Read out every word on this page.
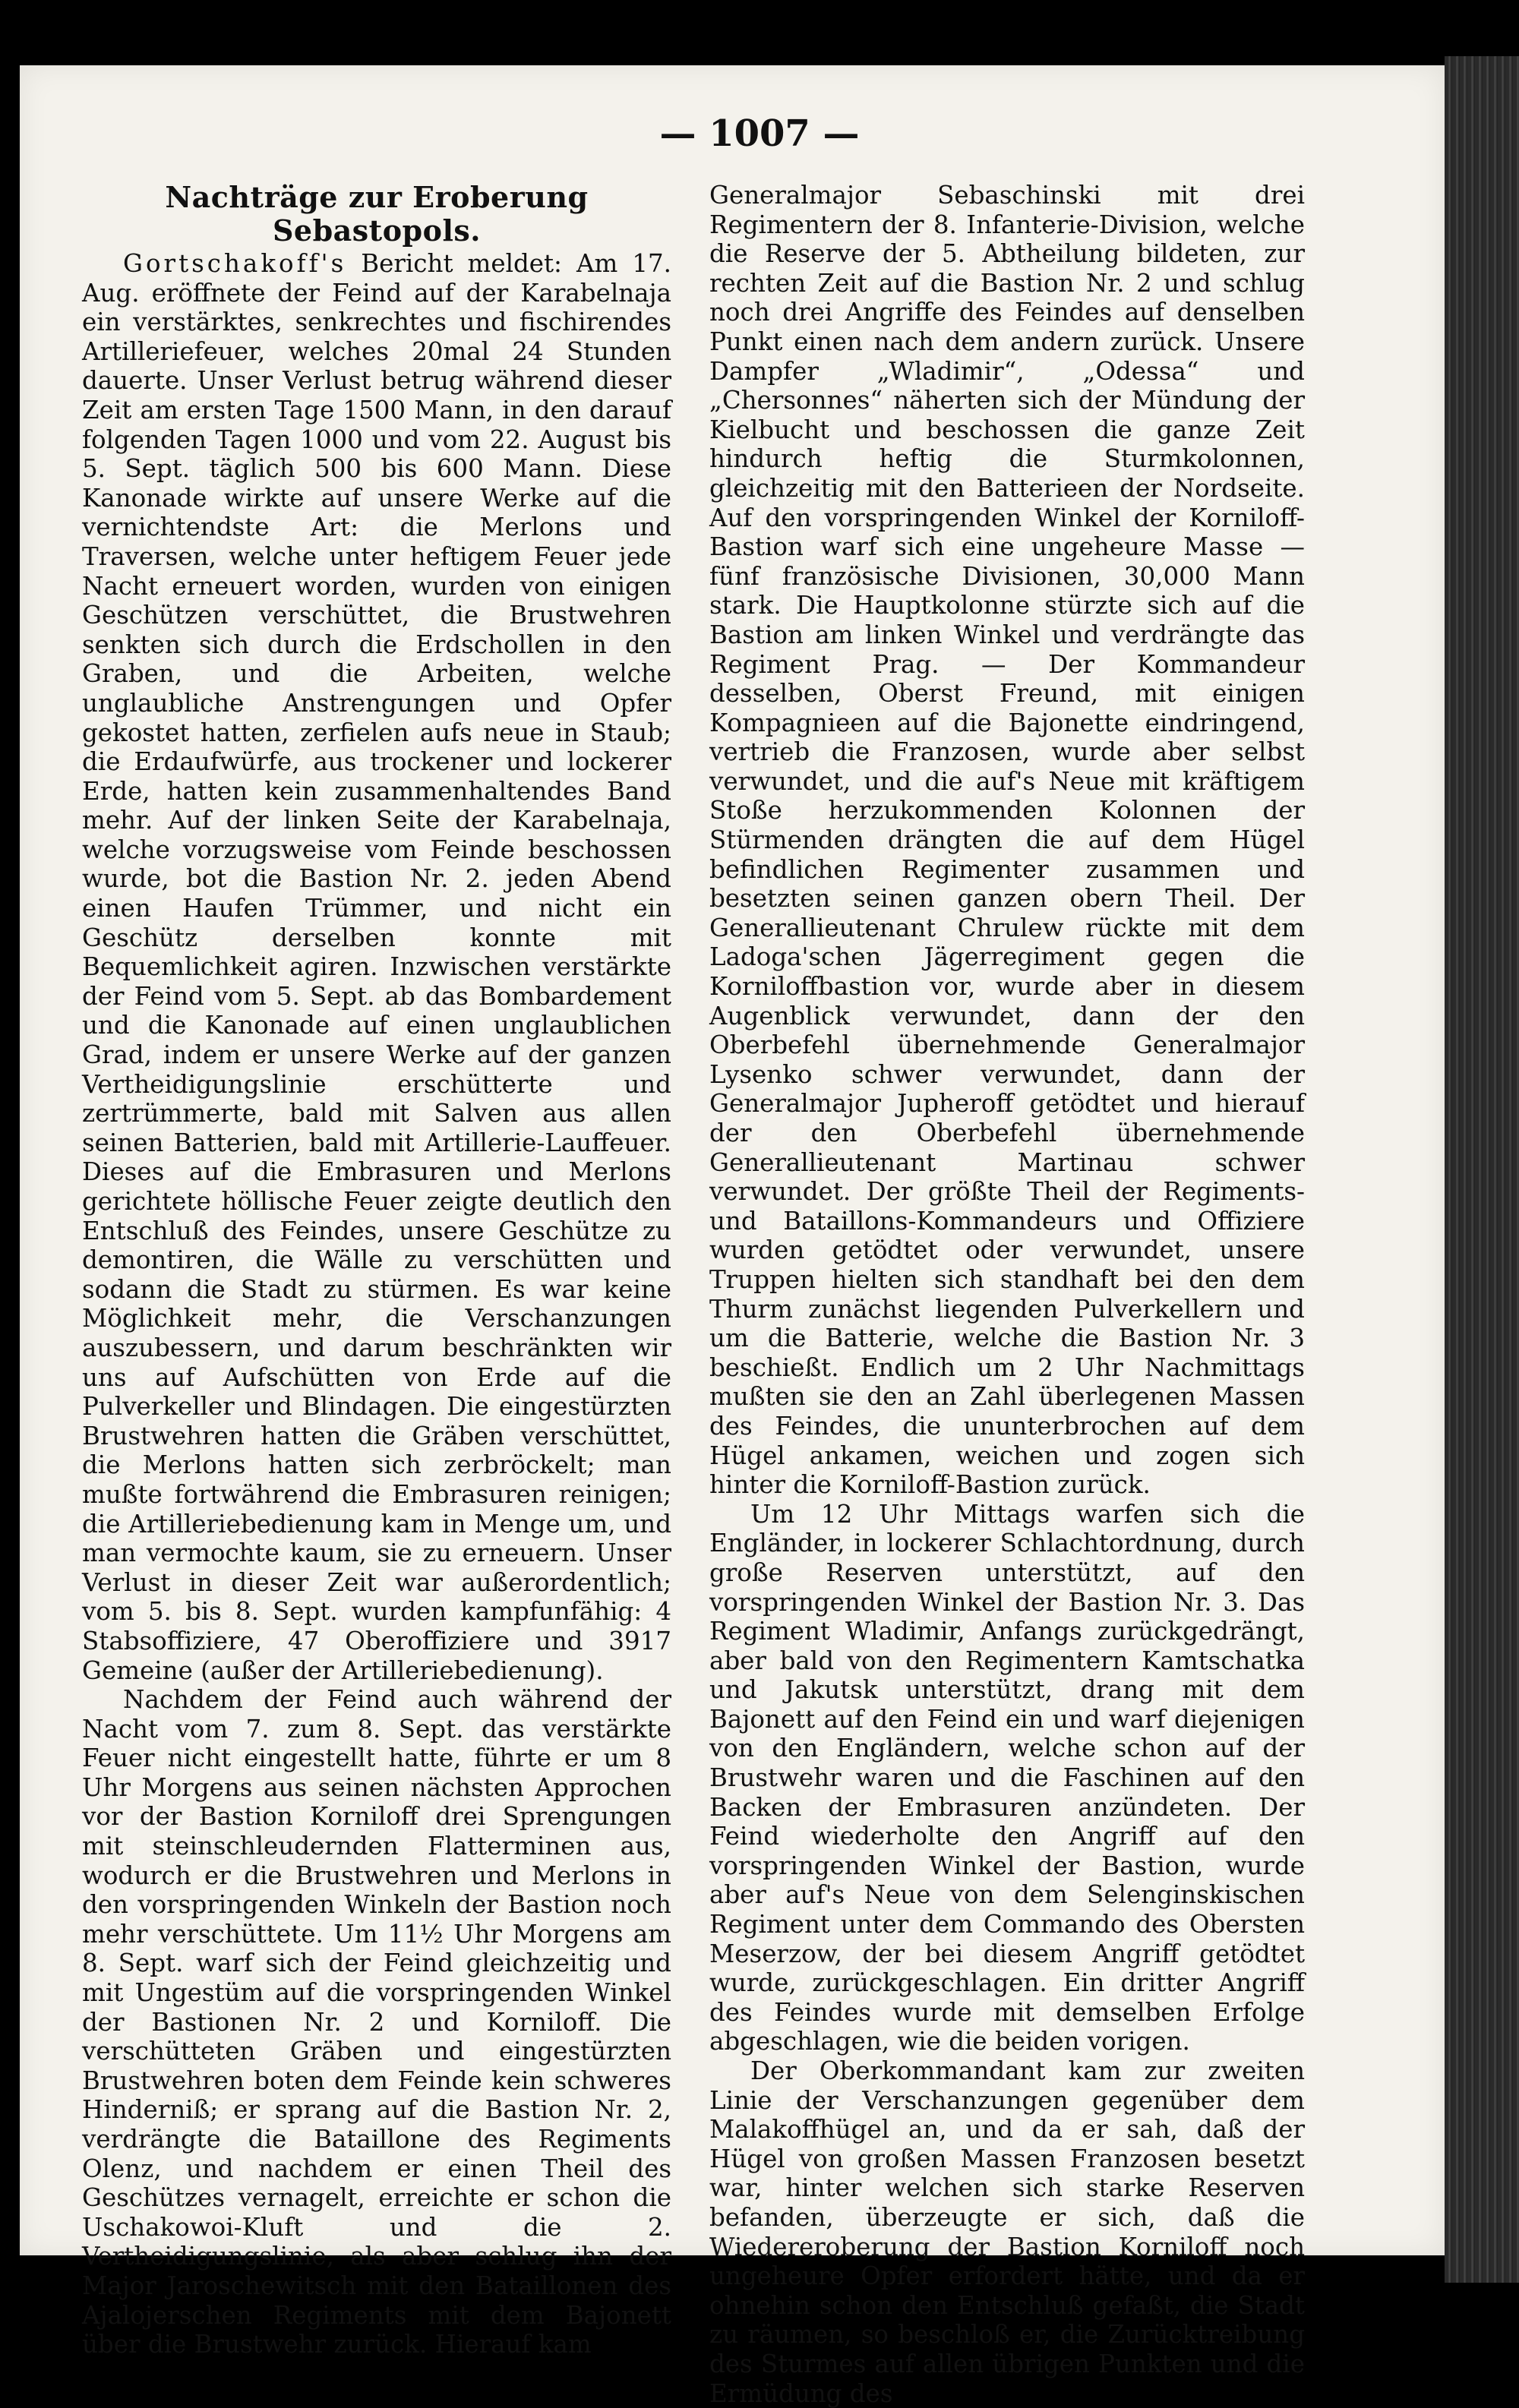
— 1007 —
Nachträge zur Eroberung Sebastopols.

Gortschakoff's Bericht meldet: Am 17. Aug. eröffnete der Feind auf der Karabelnaja ein verstärktes, senkrechtes und fischirendes Artilleriefeuer, welches 20mal 24 Stunden dauerte. Unser Verlust betrug während dieser Zeit am ersten Tage 1500 Mann, in den darauf folgenden Tagen 1000 und vom 22. August bis 5. Sept. täglich 500 bis 600 Mann. Diese Kanonade wirkte auf unsere Werke auf die vernichtendste Art: die Merlons und Traversen, welche unter heftigem Feuer jede Nacht erneuert worden, wurden von einigen Geschützen verschüttet, die Brustwehren senkten sich durch die Erdschollen in den Graben, und die Arbeiten, welche unglaubliche Anstrengungen und Opfer gekostet hatten, zerfielen aufs neue in Staub; die Erdaufwürfe, aus trockener und lockerer Erde, hatten kein zusammenhaltendes Band mehr. Auf der linken Seite der Karabelnaja, welche vorzugsweise vom Feinde beschossen wurde, bot die Bastion Nr. 2. jeden Abend einen Haufen Trümmer, und nicht ein Geschütz derselben konnte mit Bequemlichkeit agiren. Inzwischen verstärkte der Feind vom 5. Sept. ab das Bombardement und die Kanonade auf einen unglaublichen Grad, indem er unsere Werke auf der ganzen Vertheidigungslinie erschütterte und zertrümmerte, bald mit Salven aus allen seinen Batterien, bald mit Artillerie-Lauffeuer. Dieses auf die Embrasuren und Merlons gerichtete höllische Feuer zeigte deutlich den Entschluß des Feindes, unsere Geschütze zu demontiren, die Wälle zu verschütten und sodann die Stadt zu stürmen. Es war keine Möglichkeit mehr, die Verschanzungen auszubessern, und darum beschränkten wir uns auf Aufschütten von Erde auf die Pulverkeller und Blindagen. Die eingestürzten Brustwehren hatten die Gräben verschüttet, die Merlons hatten sich zerbröckelt; man mußte fortwährend die Embrasuren reinigen; die Artilleriebedienung kam in Menge um, und man vermochte kaum, sie zu erneuern. Unser Verlust in dieser Zeit war außerordentlich; vom 5. bis 8. Sept. wurden kampfunfähig: 4 Stabsoffiziere, 47 Oberoffiziere und 3917 Gemeine (außer der Artilleriebedienung).

Nachdem der Feind auch während der Nacht vom 7. zum 8. Sept. das verstärkte Feuer nicht eingestellt hatte, führte er um 8 Uhr Morgens aus seinen nächsten Approchen vor der Bastion Korniloff drei Sprengungen mit steinschleudernden Flatterminen aus, wodurch er die Brustwehren und Merlons in den vorspringenden Winkeln der Bastion noch mehr verschüttete. Um 11½ Uhr Morgens am 8. Sept. warf sich der Feind gleichzeitig und mit Ungestüm auf die vorspringenden Winkel der Bastionen Nr. 2 und Korniloff. Die verschütteten Gräben und eingestürzten Brustwehren boten dem Feinde kein schweres Hinderniß; er sprang auf die Bastion Nr. 2, verdrängte die Bataillone des Regiments Olenz, und nachdem er einen Theil des Geschützes vernagelt, erreichte er schon die Uschakowoi-Kluft und die 2. Vertheidigungslinie, als aber schlug ihn der Major Jaroschewitsch mit den Bataillonen des Ajalojerschen Regiments mit dem Bajonett über die Brustwehr zurück. Hierauf kam

Generalmajor Sebaschinski mit drei Regimentern der 8. Infanterie-Division, welche die Reserve der 5. Abtheilung bildeten, zur rechten Zeit auf die Bastion Nr. 2 und schlug noch drei Angriffe des Feindes auf denselben Punkt einen nach dem andern zurück. Unsere Dampfer „Wladimir“, „Odessa“ und „Chersonnes“ näherten sich der Mündung der Kielbucht und beschossen die ganze Zeit hindurch heftig die Sturmkolonnen, gleichzeitig mit den Batterieen der Nordseite. Auf den vorspringenden Winkel der Korniloff-Bastion warf sich eine ungeheure Masse — fünf französische Divisionen, 30,000 Mann stark. Die Hauptkolonne stürzte sich auf die Bastion am linken Winkel und verdrängte das Regiment Prag. — Der Kommandeur desselben, Oberst Freund, mit einigen Kompagnieen auf die Bajonette eindringend, vertrieb die Franzosen, wurde aber selbst verwundet, und die auf's Neue mit kräftigem Stoße herzukommenden Kolonnen der Stürmenden drängten die auf dem Hügel befindlichen Regimenter zusammen und besetzten seinen ganzen obern Theil. Der Generallieutenant Chrulew rückte mit dem Ladoga'schen Jägerregiment gegen die Korniloffbastion vor, wurde aber in diesem Augenblick verwundet, dann der den Oberbefehl übernehmende Generalmajor Lysenko schwer verwundet, dann der Generalmajor Jupheroff getödtet und hierauf der den Oberbefehl übernehmende Generallieutenant Martinau schwer verwundet. Der größte Theil der Regiments- und Bataillons-Kommandeurs und Offiziere wurden getödtet oder verwundet, unsere Truppen hielten sich standhaft bei den dem Thurm zunächst liegenden Pulverkellern und um die Batterie, welche die Bastion Nr. 3 beschießt. Endlich um 2 Uhr Nachmittags mußten sie den an Zahl überlegenen Massen des Feindes, die ununterbrochen auf dem Hügel ankamen, weichen und zogen sich hinter die Korniloff-Bastion zurück.

Um 12 Uhr Mittags warfen sich die Engländer, in lockerer Schlachtordnung, durch große Reserven unterstützt, auf den vorspringenden Winkel der Bastion Nr. 3. Das Regiment Wladimir, Anfangs zurückgedrängt, aber bald von den Regimentern Kamtschatka und Jakutsk unterstützt, drang mit dem Bajonett auf den Feind ein und warf diejenigen von den Engländern, welche schon auf der Brustwehr waren und die Faschinen auf den Backen der Embrasuren anzündeten. Der Feind wiederholte den Angriff auf den vorspringenden Winkel der Bastion, wurde aber auf's Neue von dem Selenginskischen Regiment unter dem Commando des Obersten Meserzow, der bei diesem Angriff getödtet wurde, zurückgeschlagen. Ein dritter Angriff des Feindes wurde mit demselben Erfolge abgeschlagen, wie die beiden vorigen.

Der Oberkommandant kam zur zweiten Linie der Verschanzungen gegenüber dem Malakoffhügel an, und da er sah, daß der Hügel von großen Massen Franzosen besetzt war, hinter welchen sich starke Reserven befanden, überzeugte er sich, daß die Wiedereroberung der Bastion Korniloff noch ungeheure Opfer erfordert hätte, und da er ohnehin schon den Entschluß gefaßt, die Stadt zu räumen, so beschloß er, die Zurücktreibung des Sturmes auf allen übrigen Punkten und die Ermüdung des
